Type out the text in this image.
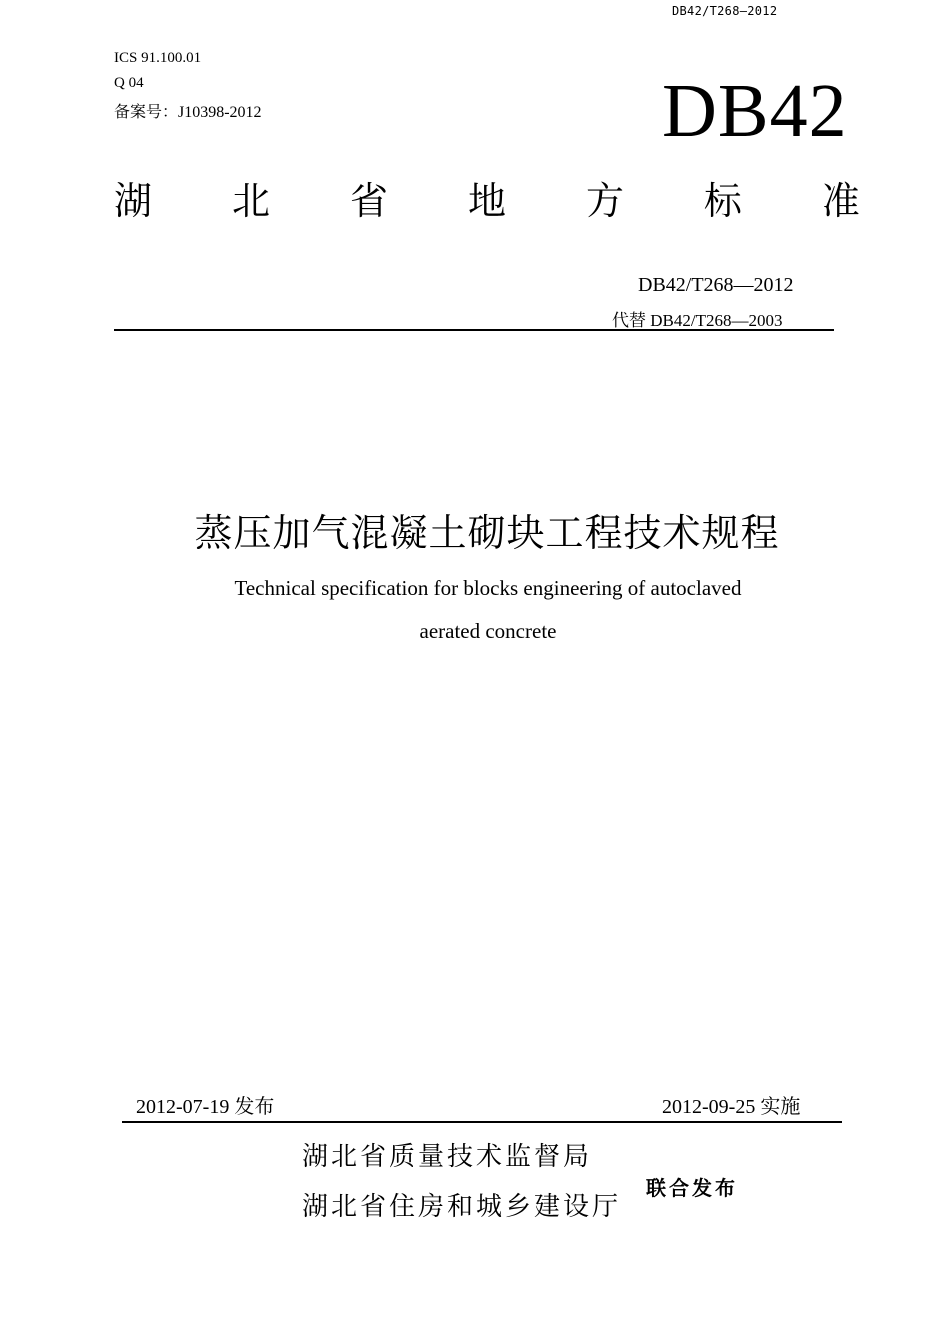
DB42/T268—2012
ICS 91.100.01
Q 04
备案号：J10398-2012	DB42
湖 北 省 地 方 标 准
DB42/T268—2012
代替 DB42/T268—2003
蒸压加气混凝土砌块工程技术规程
Technical specification for blocks engineering of autoclaved
aerated concrete
2012-07-19 发布	2012-09-25 实施
湖北省质量技术监督局
湖北省住房和城乡建设厅
联合发布
